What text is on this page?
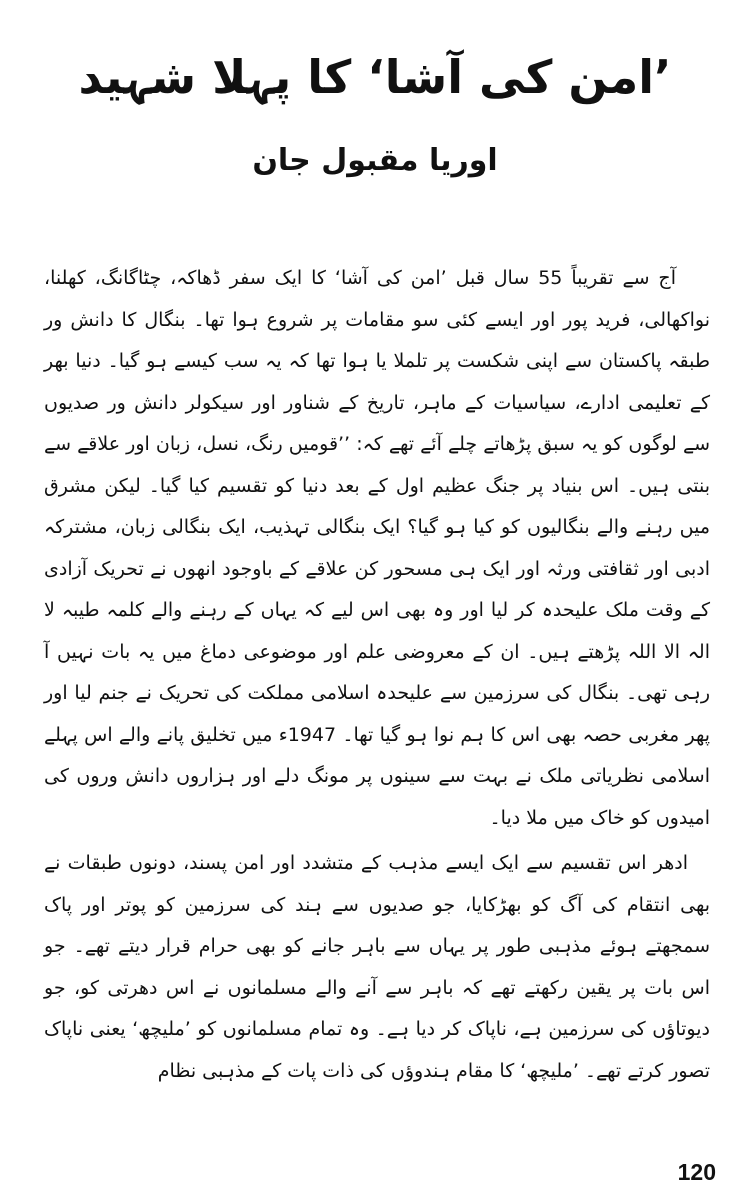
’امن کی آشا‘ کا پہلا شہید
اوریا مقبول جان

آج سے تقریباً 55 سال قبل ’امن کی آشا‘ کا ایک سفر ڈھاکہ، چٹاگانگ، کھلنا، نواکھالی، فرید پور اور ایسے کئی سو مقامات پر شروع ہوا تھا۔ بنگال کا دانش ور طبقہ پاکستان سے اپنی شکست پر تلملا یا ہوا تھا کہ یہ سب کیسے ہو گیا۔ دنیا بھر کے تعلیمی ادارے، سیاسیات کے ماہر، تاریخ کے شناور اور سیکولر دانش ور صدیوں سے لوگوں کو یہ سبق پڑھاتے چلے آئے تھے کہ: ’’قومیں رنگ، نسل، زبان اور علاقے سے بنتی ہیں۔ اس بنیاد پر جنگ عظیم اول کے بعد دنیا کو تقسیم کیا گیا۔ لیکن مشرق میں رہنے والے بنگالیوں کو کیا ہو گیا؟ ایک بنگالی تہذیب، ایک بنگالی زبان، مشترکہ ادبی اور ثقافتی ورثہ اور ایک ہی مسحور کن علاقے کے باوجود انھوں نے تحریک آزادی کے وقت ملک علیحدہ کر لیا اور وہ بھی اس لیے کہ یہاں کے رہنے والے کلمہ طیبہ لا الہ الا اللہ پڑھتے ہیں۔ ان کے معروضی علم اور موضوعی دماغ میں یہ بات نہیں آ رہی تھی۔ بنگال کی سرزمین سے علیحدہ اسلامی مملکت کی تحریک نے جنم لیا اور پھر مغربی حصہ بھی اس کا ہم نوا ہو گیا تھا۔ 1947ء میں تخلیق پانے والے اس پہلے اسلامی نظریاتی ملک نے بہت سے سینوں پر مونگ دلے اور ہزاروں دانش وروں کی امیدوں کو خاک میں ملا دیا۔

ادھر اس تقسیم سے ایک ایسے مذہب کے متشدد اور امن پسند، دونوں طبقات نے بھی انتقام کی آگ کو بھڑکایا، جو صدیوں سے ہند کی سرزمین کو پوتر اور پاک سمجھتے ہوئے مذہبی طور پر یہاں سے باہر جانے کو بھی حرام قرار دیتے تھے۔ جو اس بات پر یقین رکھتے تھے کہ باہر سے آنے والے مسلمانوں نے اس دھرتی کو، جو دیوتاؤں کی سرزمین ہے، ناپاک کر دیا ہے۔ وہ تمام مسلمانوں کو ’ملیچھ‘ یعنی ناپاک تصور کرتے تھے۔ ’ملیچھ‘ کا مقام ہندوؤں کی ذات پات کے مذہبی نظام

120
